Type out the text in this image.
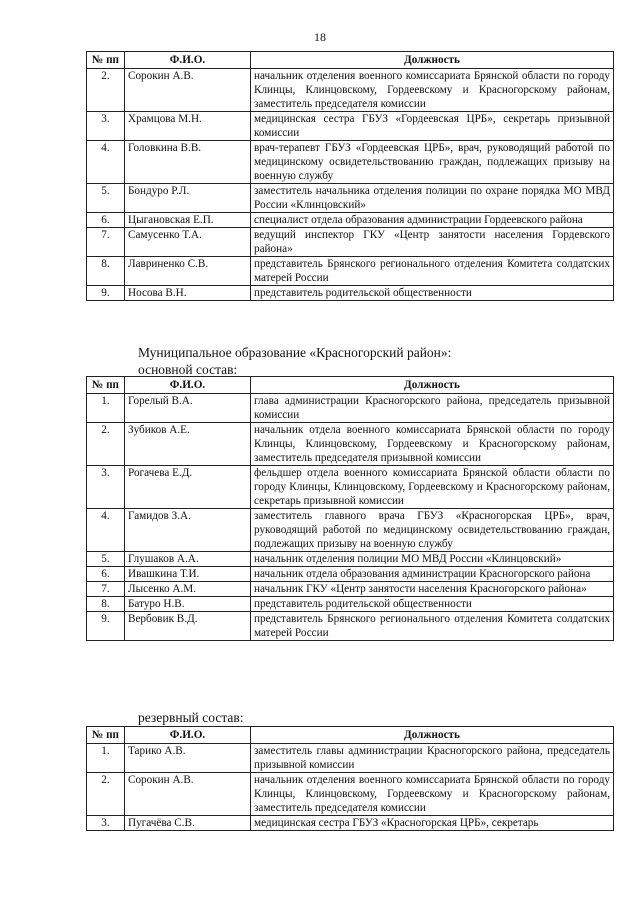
18
№ пп	Ф.И.О.	Должность
2.	Сорокин А.В.	начальник отделения военного комиссариата Брянской области по городу Клинцы, Клинцовскому, Гордеевскому и Красногорскому районам, заместитель председателя комиссии
3.	Храмцова М.Н.	медицинская сестра ГБУЗ «Гордеевская ЦРБ», секретарь призывной комиссии
4.	Головкина В.В.	врач-терапевт ГБУЗ «Гордеевская ЦРБ», врач, руководящий работой по медицинскому освидетельствованию граждан, подлежащих призыву на военную службу
5.	Бондуро Р.Л.	заместитель начальника отделения полиции по охране порядка МО МВД России «Клинцовский»
6.	Цыгановская Е.П.	специалист отдела образования администрации Гордеевского района
7.	Самусенко Т.А.	ведущий инспектор ГКУ «Центр занятости населения Гордевского района»
8.	Лавриненко С.В.	представитель Брянского регионального отделения Комитета солдатских матерей России
9.	Носова В.Н.	представитель родительской общественности
Муниципальное образование «Красногорский район»:
основной состав:
№ пп	Ф.И.О.	Должность
1.	Горелый В.А.	глава администрации Красногорского района, председатель призывной комиссии
2.	Зубиков А.Е.	начальник отдела военного комиссариата Брянской области по городу Клинцы, Клинцовскому, Гордеевскому и Красногорскому районам, заместитель председателя призывной комиссии
3.	Рогачева Е.Д.	фельдшер отдела военного комиссариата Брянской области области по городу Клинцы, Клинцовскому, Гордеевскому и Красногорскому районам, секретарь призывной комиссии
4.	Гамидов З.А.	заместитель главного врача ГБУЗ «Красногорская ЦРБ», врач, руководящий работой по медицинскому освидетельствованию граждан, подлежащих призыву на военную службу
5.	Глушаков А.А.	начальник отделения полиции МО МВД России «Клинцовский»
6.	Ивашкина Т.И.	начальник отдела образования администрации Красногорского района
7.	Лысенко А.М.	начальник ГКУ «Центр занятости населения Красногорского района»
8.	Батуро Н.В.	представитель родительской общественности
9.	Вербовик В.Д.	представитель Брянского регионального отделения Комитета солдатских матерей России
резервный состав:
№ пп	Ф.И.О.	Должность
1.	Тарико А.В.	заместитель главы администрации Красногорского района, председатель призывной комиссии
2.	Сорокин А.В.	начальник отделения военного комиссариата Брянской области по городу Клинцы, Клинцовскому, Гордеевскому и Красногорскому районам, заместитель председателя комиссии
3.	Пугачёва С.В.	медицинская сестра ГБУЗ «Красногорская ЦРБ», секретарь
